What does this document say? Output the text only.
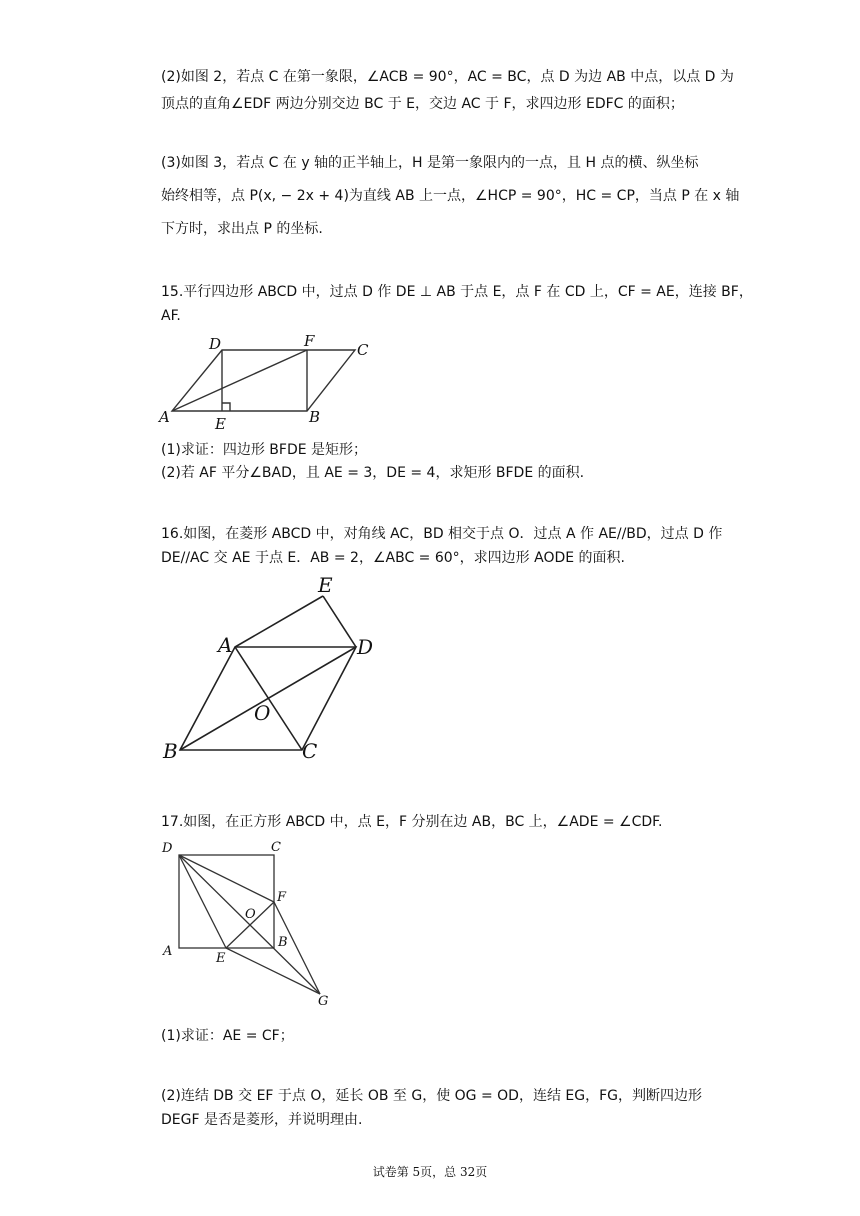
(2)如图 2，若点 C 在第一象限，∠ACB = 90°，AC = BC，点 D 为边 AB 中点，以点 D 为
顶点的直角∠EDF 两边分别交边 BC 于 E，交边 AC 于 F，求四边形 EDFC 的面积；
(3)如图 3，若点 C 在 y 轴的正半轴上，H 是第一象限内的一点，且 H 点的横、纵坐标
始终相等，点 P(x, − 2x + 4)为直线 AB 上一点，∠HCP = 90°，HC = CP，当点 P 在 x 轴
下方时，求出点 P 的坐标.
15.平行四边形 ABCD 中，过点 D 作 DE ⊥ AB 于点 E，点 F 在 CD 上，CF = AE，连接 BF，
AF.
A	B
C
D
E
F
(1)求证：四边形 BFDE 是矩形；
(2)若 AF 平分∠BAD，且 AE = 3，DE = 4，求矩形 BFDE 的面积.
16.如图，在菱形 ABCD 中，对角线 AC，BD 相交于点 O．过点 A 作 AE//BD，过点 D 作
DE//AC 交 AE 于点 E．AB = 2，∠ABC = 60°，求四边形 AODE 的面积.
A
B	C
D
E
O
17.如图，在正方形 ABCD 中，点 E，F 分别在边 AB，BC 上，∠ADE = ∠CDF.
D	C
A
B
E
F
G
O
(1)求证：AE = CF；
(2)连结 DB 交 EF 于点 O，延长 OB 至 G，使 OG = OD，连结 EG，FG，判断四边形
DEGF 是否是菱形，并说明理由.
试卷第 5页，总 32页
